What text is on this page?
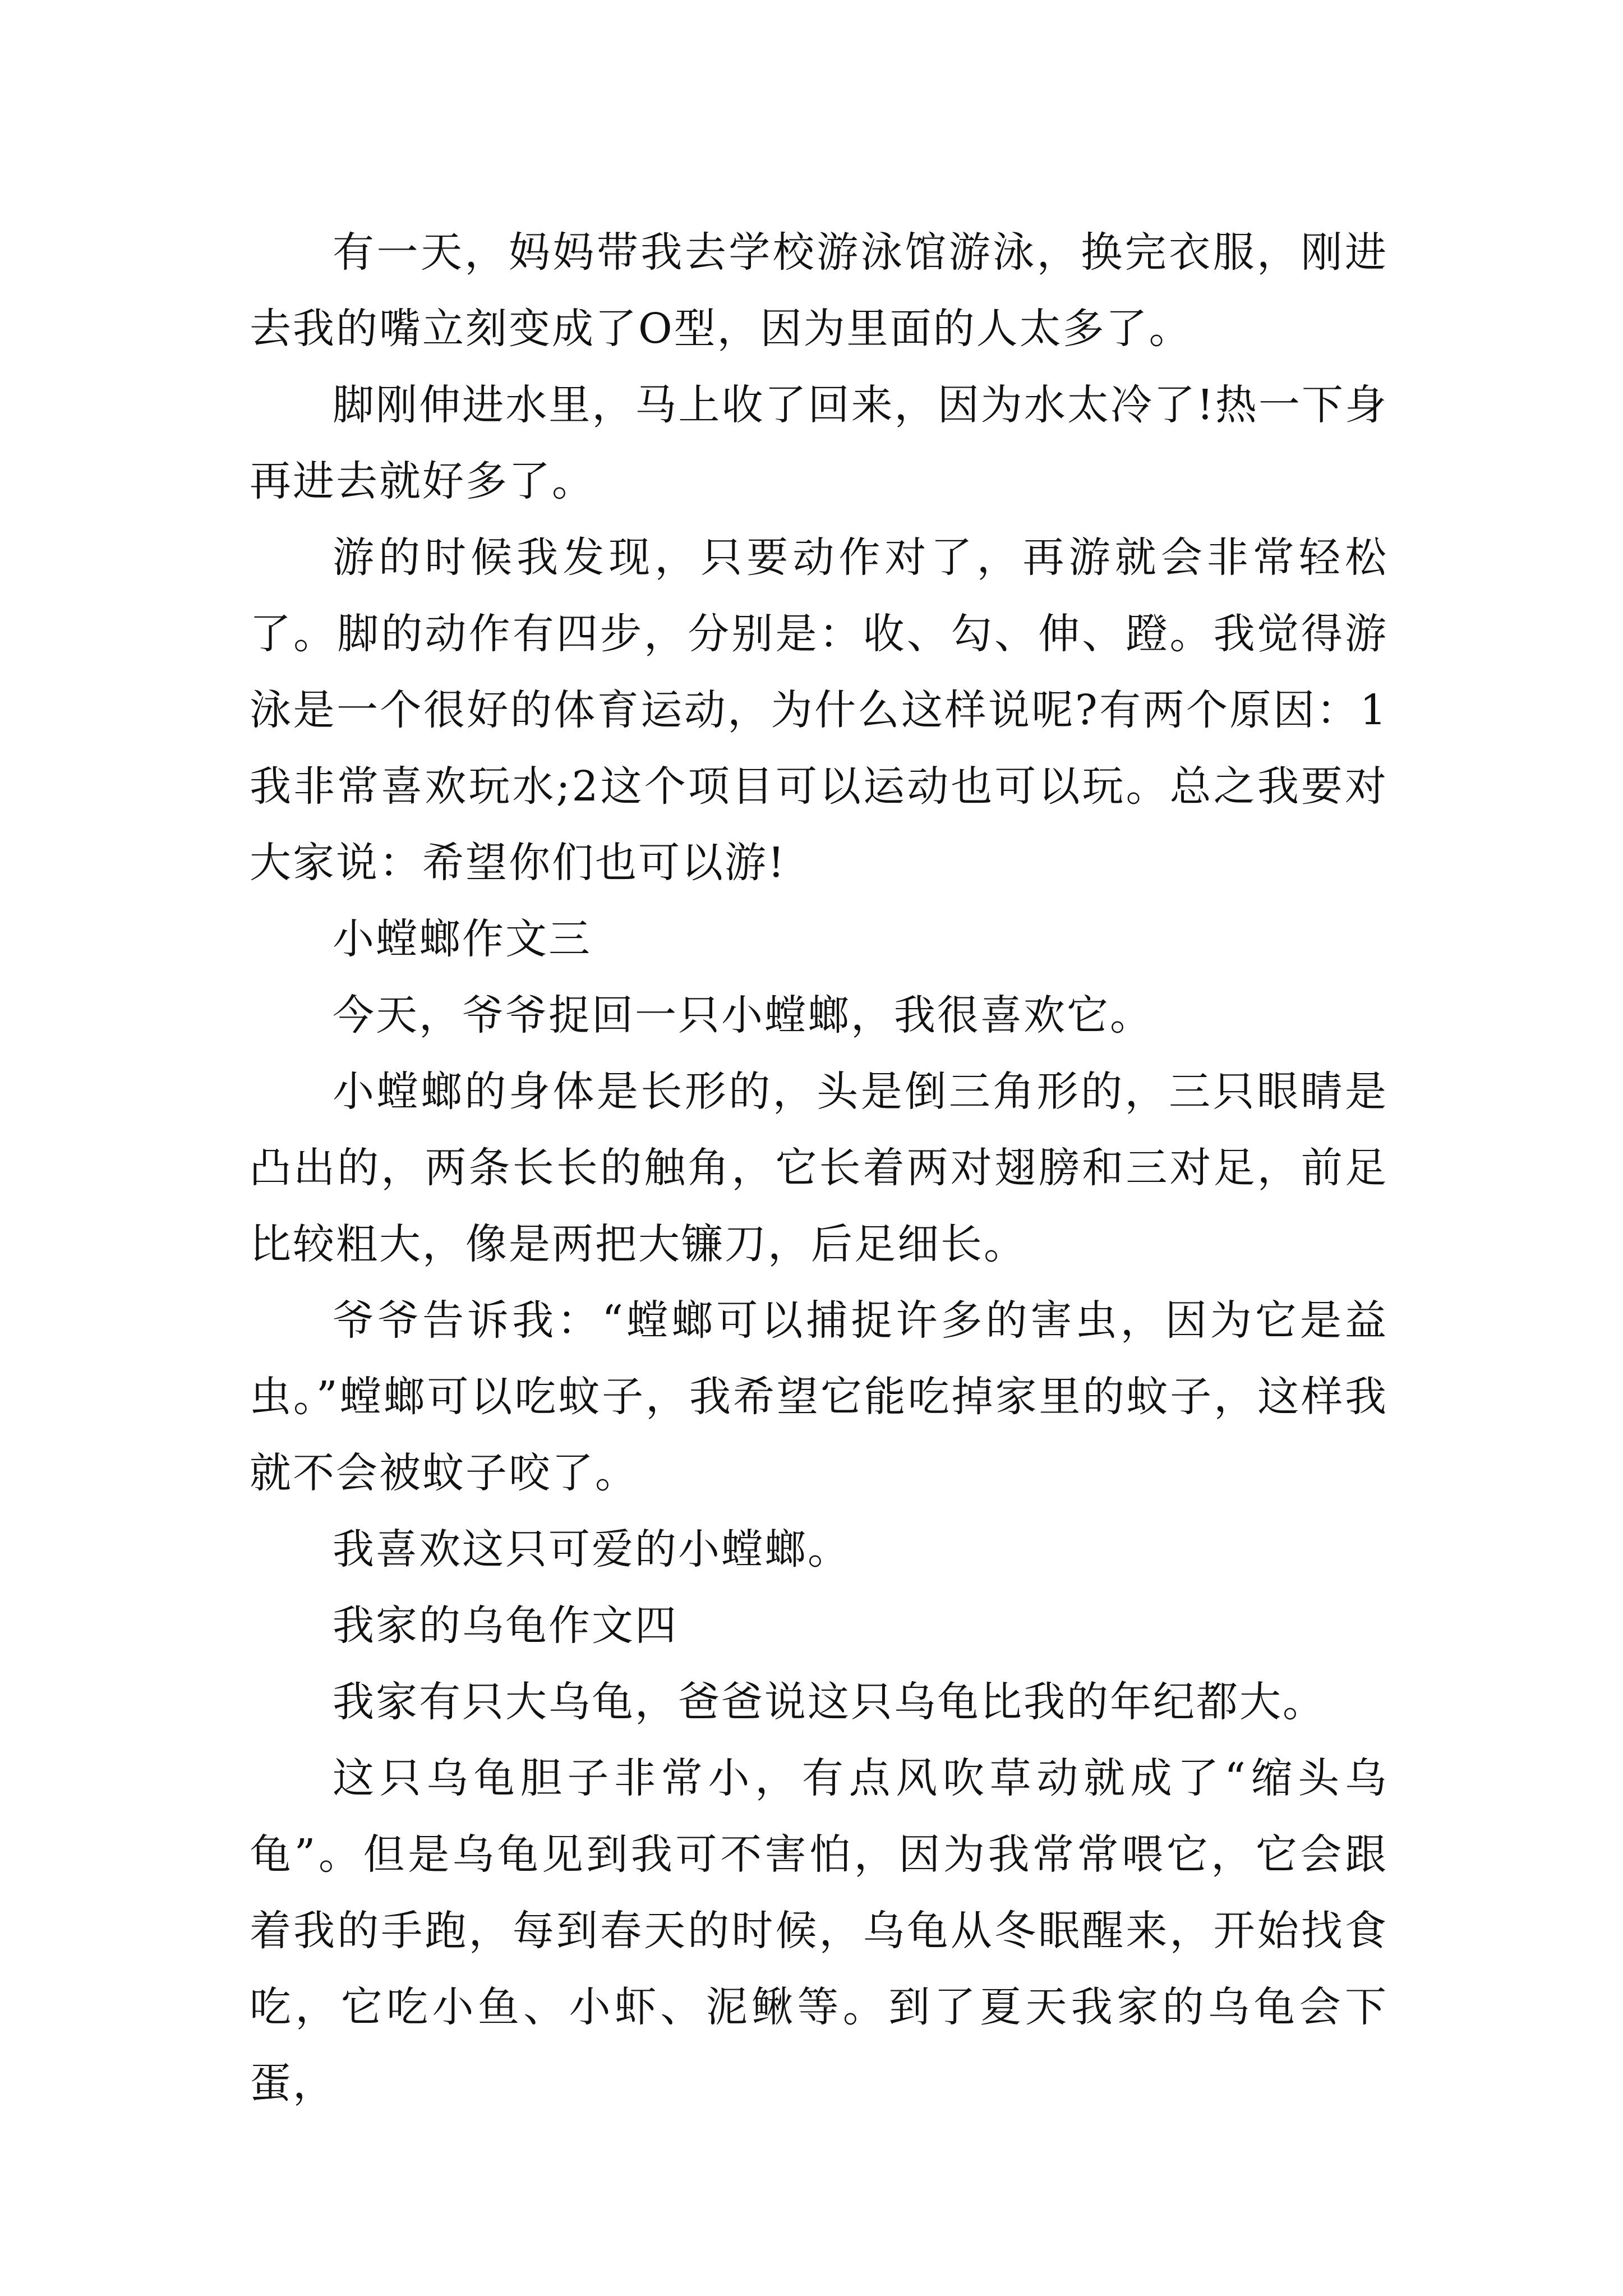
有一天，妈妈带我去学校游泳馆游泳，换完衣服，刚进去我的嘴立刻变成了O型，因为里面的人太多了。

脚刚伸进水里，马上收了回来，因为水太冷了!热一下身再进去就好多了。

游的时候我发现，只要动作对了，再游就会非常轻松了。脚的动作有四步，分别是：收、勾、伸、蹬。我觉得游泳是一个很好的体育运动，为什么这样说呢?有两个原因：1我非常喜欢玩水;2这个项目可以运动也可以玩。总之我要对大家说：希望你们也可以游!

小螳螂作文三

今天，爷爷捉回一只小螳螂，我很喜欢它。

小螳螂的身体是长形的，头是倒三角形的，三只眼睛是凸出的，两条长长的触角，它长着两对翅膀和三对足，前足比较粗大，像是两把大镰刀，后足细长。

爷爷告诉我：“螳螂可以捕捉许多的害虫，因为它是益虫。”螳螂可以吃蚊子，我希望它能吃掉家里的蚊子，这样我就不会被蚊子咬了。

我喜欢这只可爱的小螳螂。

我家的乌龟作文四

我家有只大乌龟，爸爸说这只乌龟比我的年纪都大。

这只乌龟胆子非常小，有点风吹草动就成了“缩头乌龟”。但是乌龟见到我可不害怕，因为我常常喂它，它会跟着我的手跑，每到春天的时候，乌龟从冬眠醒来，开始找食吃，它吃小鱼、小虾、泥鳅等。到了夏天我家的乌龟会下蛋，
